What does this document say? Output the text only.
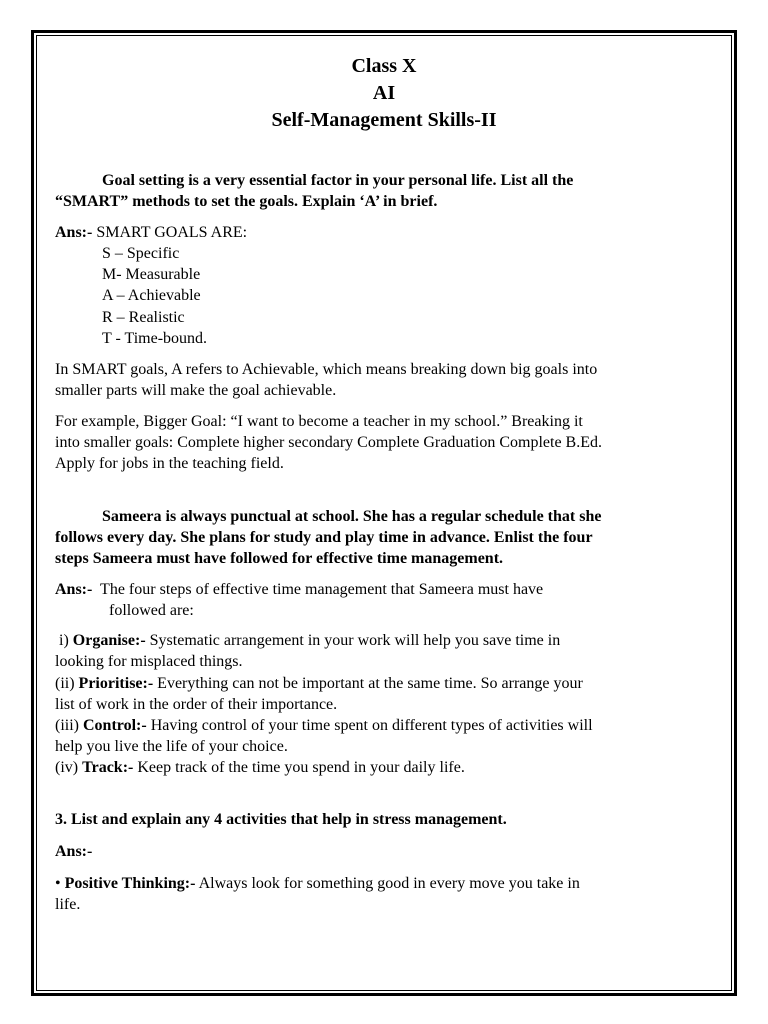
Class X
AI
Self-Management Skills-II
Goal setting is a very essential factor in your personal life. List all the
“SMART” methods to set the goals. Explain ‘A’ in brief.
Ans:- SMART GOALS ARE:
S – Specific
M- Measurable
A – Achievable
R – Realistic
T - Time-bound.
In SMART goals, A refers to Achievable, which means breaking down big goals into
smaller parts will make the goal achievable.
For example, Bigger Goal: “I want to become a teacher in my school.” Breaking it
into smaller goals: Complete higher secondary Complete Graduation Complete B.Ed.
Apply for jobs in the teaching field.
Sameera is always punctual at school. She has a regular schedule that she
follows every day. She plans for study and play time in advance. Enlist the four
steps Sameera must have followed for effective time management.
Ans:-  The four steps of effective time management that Sameera must have
followed are:
i) Organise:- Systematic arrangement in your work will help you save time in
looking for misplaced things.
(ii) Prioritise:- Everything can not be important at the same time. So arrange your
list of work in the order of their importance.
(iii) Control:- Having control of your time spent on different types of activities will
help you live the life of your choice.
(iv) Track:- Keep track of the time you spend in your daily life.
3. List and explain any 4 activities that help in stress management.
Ans:-
• Positive Thinking:- Always look for something good in every move you take in
life.
